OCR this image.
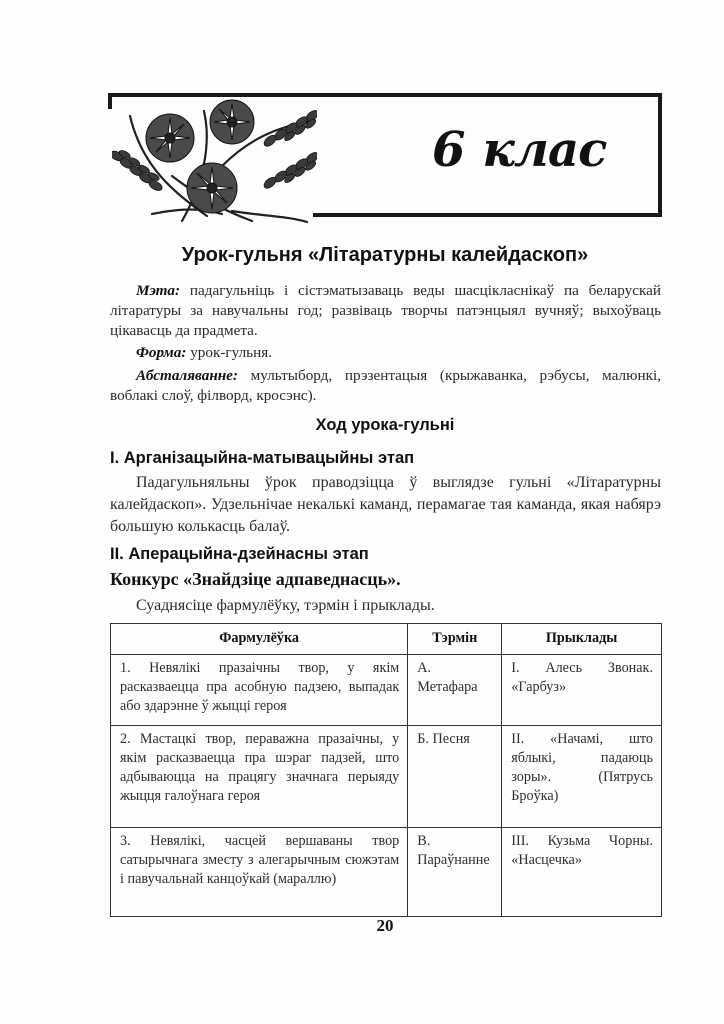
6 клас
Урок-гульня «Літаратурны калейдаскоп»
Мэта: падагульніць і сістэматызаваць веды шасцікласнікаў па беларускай літаратуры за навучальны год; развіваць творчы патэнцыял вучняў; выхоўваць цікавасць да прадмета.
Форма: урок-гульня.
Абсталяванне: мультыборд, прэзентацыя (крыжаванка, рэбусы, малюнкі, воблакі слоў, філворд, кросэнс).
Ход урока-гульні
I. Арганізацыйна-матывацыйны этап
Падагульняльны ўрок праводзіцца ў выглядзе гульні «Літаратурны калейдаскоп». Удзельнічае некалькі каманд, перамагае тая каманда, якая набярэ большую колькасць балаў.
II. Аперацыйна-дзейнасны этап
Конкурс «Знайдзіце адпаведнасць».
Суаднясіце фармулёўку, тэрмін і прыклады.
Фармулёўка	Тэрмін	Прыклады
1. Невялікі празаічны твор, у якім расказваецца пра асобную падзею, выпадак або здарэнне ў жыцці героя	А. Метафара	I. Алесь Звонак. «Гарбуз»
2. Мастацкі твор, пераважна празаічны, у якім расказваецца пра шэраг падзей, што адбываюцца на працягу значнага перыяду жыцця галоўнага героя	Б. Песня	II. «Начамі, што яблыкі, падаюць зоры». (Пятрусь Броўка)
3. Невялікі, часцей вершаваны твор сатырычнага зместу з алегарычным сюжэтам і павучальнай канцоўкай (мараллю)	В. Параўнанне	III. Кузьма Чорны. «Насцечка»
20
